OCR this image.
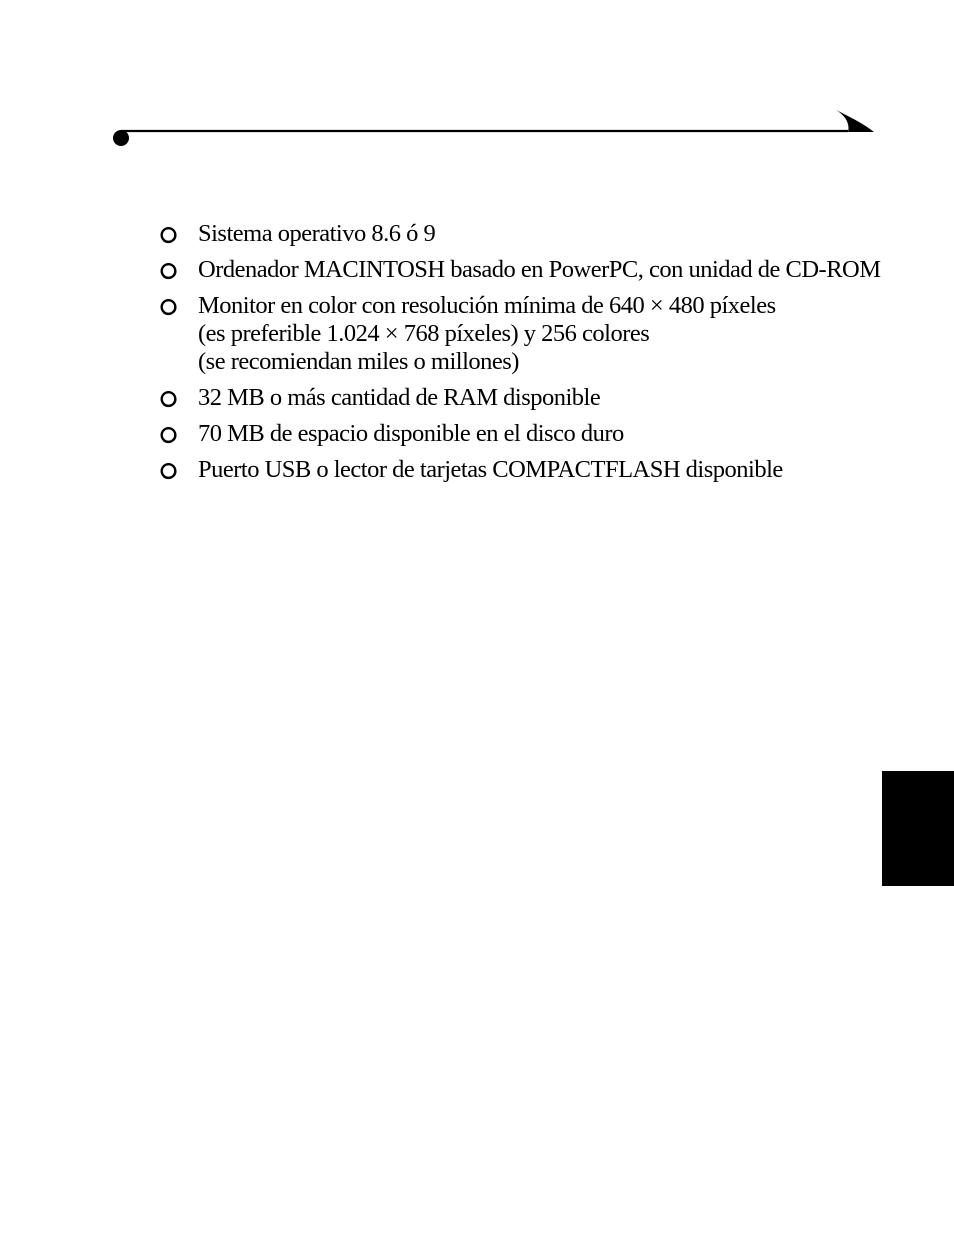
Sistema operativo 8.6 ó 9
Ordenador MACINTOSH basado en PowerPC, con unidad de CD-ROM
Monitor en color con resolución mínima de 640 × 480 píxeles
(es preferible 1.024 × 768 píxeles) y 256 colores
(se recomiendan miles o millones)
32 MB o más cantidad de RAM disponible
70 MB de espacio disponible en el disco duro
Puerto USB o lector de tarjetas COMPACTFLASH disponible
